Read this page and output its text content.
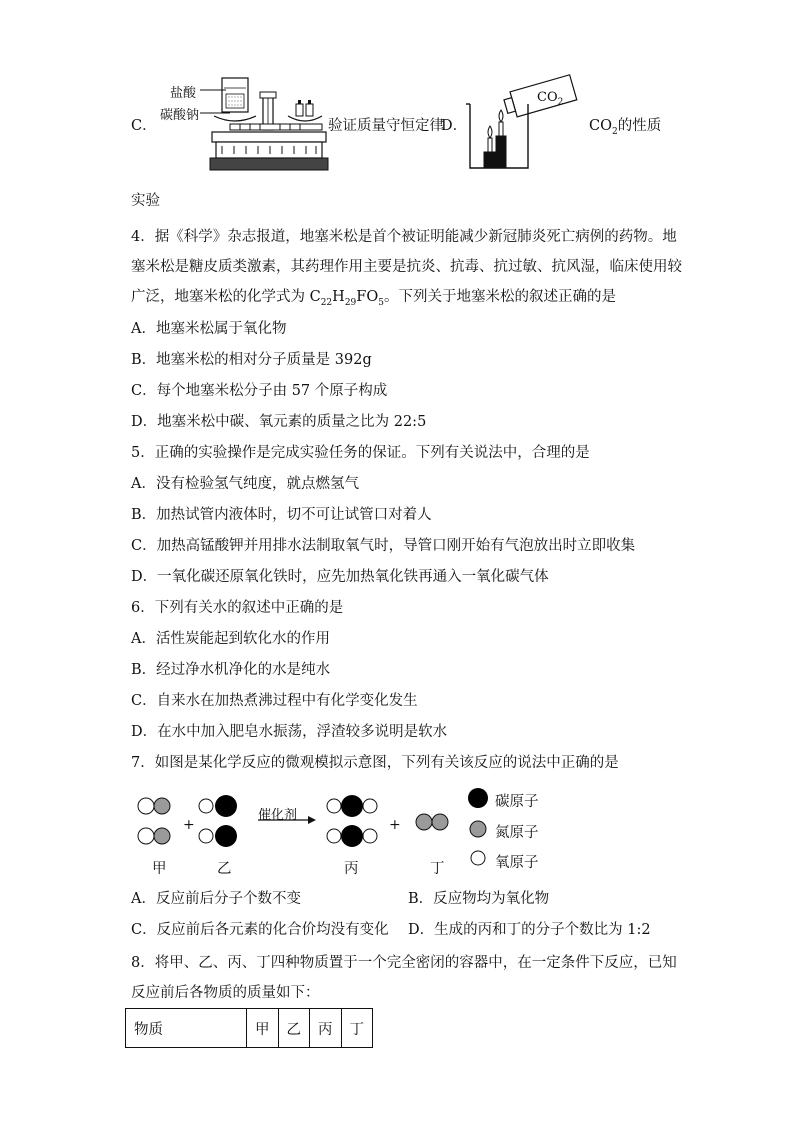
C．
盐酸
碳酸钠
验证质量守恒定律
D．
$CO_2$
$CO_2$的性质
实验
4．据《科学》杂志报道，地塞米松是首个被证明能减少新冠肺炎死亡病例的药物。地
塞米松是糖皮质类激素，其药理作用主要是抗炎、抗毒、抗过敏、抗风湿，临床使用较
广泛，地塞米松的化学式为 $C_{22}H_{29}FO_5$。下列关于地塞米松的叙述正确的是
A．地塞米松属于氧化物
B．地塞米松的相对分子质量是 392g
C．每个地塞米松分子由 57 个原子构成
D．地塞米松中碳、氧元素的质量之比为 22:5
5．正确的实验操作是完成实验任务的保证。下列有关说法中，合理的是
A．没有检验氢气纯度，就点燃氢气
B．加热试管内液体时，切不可让试管口对着人
C．加热高锰酸钾并用排水法制取氧气时，导管口刚开始有气泡放出时立即收集
D．一氧化碳还原氧化铁时，应先加热氧化铁再通入一氧化碳气体
6．下列有关水的叙述中正确的是
A．活性炭能起到软化水的作用
B．经过净水机净化的水是纯水
C．自来水在加热煮沸过程中有化学变化发生
D．在水中加入肥皂水振荡，浮渣较多说明是软水
7．如图是某化学反应的微观模拟示意图，下列有关该反应的说法中正确的是
+	+
催化剂
甲	乙	丙	丁
碳原子
氮原子
氧原子
A．反应前后分子个数不变	B．反应物均为氧化物
C．反应前后各元素的化合价均没有变化 D．生成的丙和丁的分子个数比为 1:2
8．将甲、乙、丙、丁四种物质置于一个完全密闭的容器中，在一定条件下反应，已知
反应前后各物质的质量如下：
物质	甲	乙	丙	丁
